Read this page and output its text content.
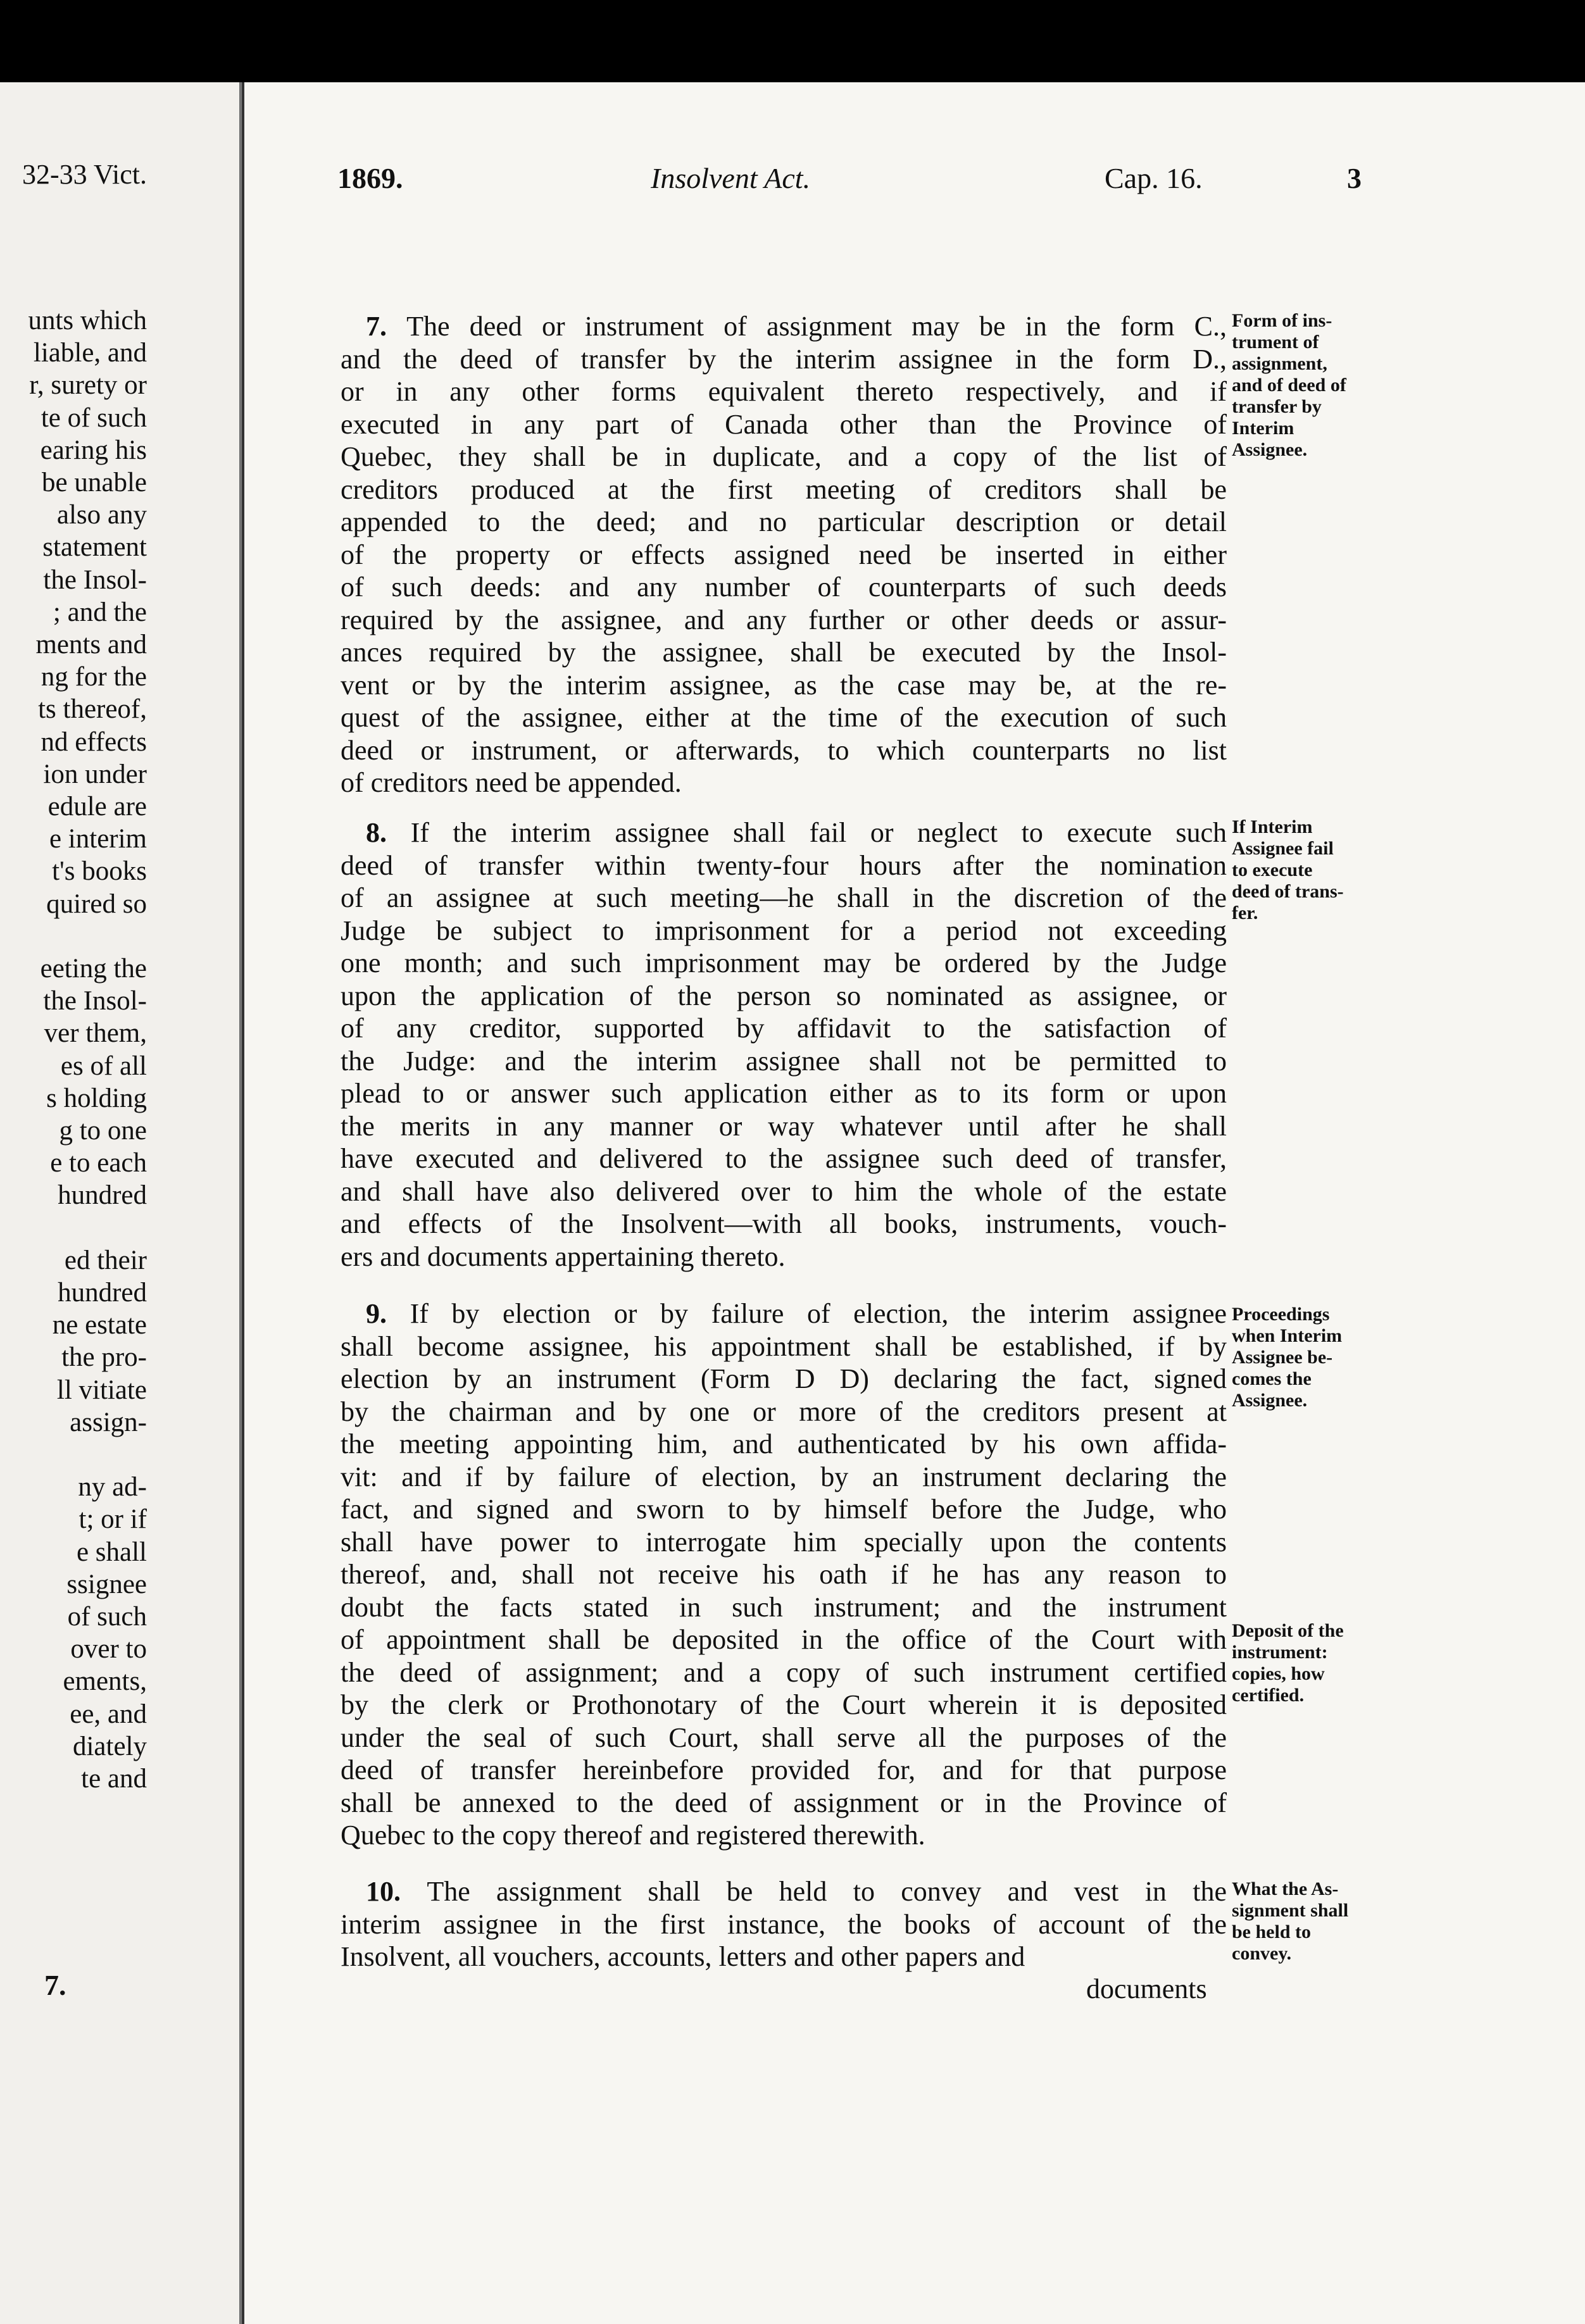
32-33 Vict.
unts which
liable, and
r, surety or
te of such
earing his
be unable
also any
statement
the Insol-
; and the
ments and
ng for the
ts thereof,
nd effects
ion under
edule are
e interim
t's books
quired so
eeting the
the Insol-
ver them,
es of all
s holding
g to one
e to each
hundred
ed their
hundred
ne estate
the pro-
ll vitiate
assign-
ny ad-
t; or if
e shall
ssignee
of such
over to
ements,
ee, and
diately
te and
7.
1869.	Insolvent Act.	Cap. 16.	3
7. The deed or instrument of assignment may be in the form C.,
and the deed of transfer by the interim assignee in the form D.,
or in any other forms equivalent thereto respectively, and if
executed in any part of Canada other than the Province of
Quebec, they shall be in duplicate, and a copy of the list of
creditors produced at the first meeting of creditors shall be
appended to the deed; and no particular description or detail
of the property or effects assigned need be inserted in either
of such deeds: and any number of counterparts of such deeds
required by the assignee, and any further or other deeds or assur-
ances required by the assignee, shall be executed by the Insol-
vent or by the interim assignee, as the case may be, at the re-
quest of the assignee, either at the time of the execution of such
deed or instrument, or afterwards, to which counterparts no list
of creditors need be appended.
Form of ins-
trument of
assignment,
and of deed of
transfer by
Interim
Assignee.
8. If the interim assignee shall fail or neglect to execute such
deed of transfer within twenty-four hours after the nomination
of an assignee at such meeting—he shall in the discretion of the
Judge be subject to imprisonment for a period not exceeding
one month; and such imprisonment may be ordered by the Judge
upon the application of the person so nominated as assignee, or
of any creditor, supported by affidavit to the satisfaction of
the Judge: and the interim assignee shall not be permitted to
plead to or answer such application either as to its form or upon
the merits in any manner or way whatever until after he shall
have executed and delivered to the assignee such deed of transfer,
and shall have also delivered over to him the whole of the estate
and effects of the Insolvent—with all books, instruments, vouch-
ers and documents appertaining thereto.
If Interim
Assignee fail
to execute
deed of trans-
fer.
9. If by election or by failure of election, the interim assignee
shall become assignee, his appointment shall be established, if by
election by an instrument (Form D D) declaring the fact, signed
by the chairman and by one or more of the creditors present at
the meeting appointing him, and authenticated by his own affida-
vit: and if by failure of election, by an instrument declaring the
fact, and signed and sworn to by himself before the Judge, who
shall have power to interrogate him specially upon the contents
thereof, and, shall not receive his oath if he has any reason to
doubt the facts stated in such instrument; and the instrument
of appointment shall be deposited in the office of the Court with
the deed of assignment; and a copy of such instrument certified
by the clerk or Prothonotary of the Court wherein it is deposited
under the seal of such Court, shall serve all the purposes of the
deed of transfer hereinbefore provided for, and for that purpose
shall be annexed to the deed of assignment or in the Province of
Quebec to the copy thereof and registered therewith.
Proceedings
when Interim
Assignee be-
comes the
Assignee.
Deposit of the
instrument:
copies, how
certified.
10. The assignment shall be held to convey and vest in the
interim assignee in the first instance, the books of account of the
Insolvent, all vouchers, accounts, letters and other papers and
What the As-
signment shall
be held to
convey.
documents
